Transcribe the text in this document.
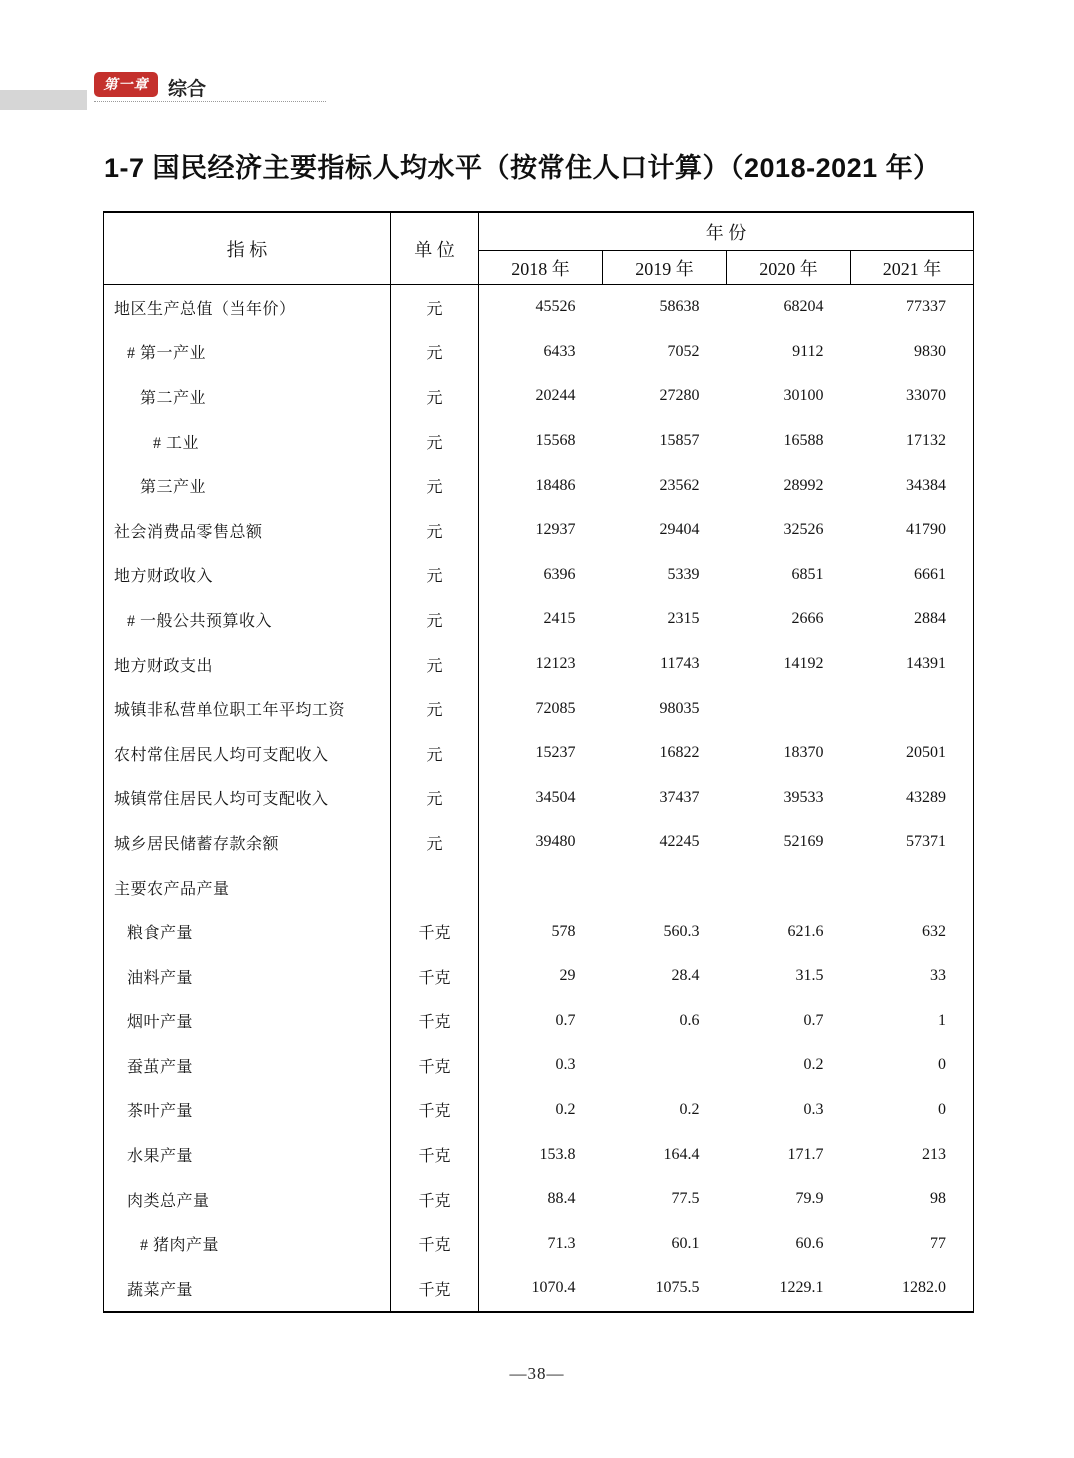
第一章	综合
1-7 国民经济主要指标人均水平（按常住人口计算）（2018-2021 年）
指 标	单 位	年 份			
		2018 年	2019 年	2020 年	2021 年
地区生产总值（当年价）	元	45526	58638	68204	77337
# 第一产业	元	6433	7052	9112	9830
第二产业	元	20244	27280	30100	33070
# 工业	元	15568	15857	16588	17132
第三产业	元	18486	23562	28992	34384
社会消费品零售总额	元	12937	29404	32526	41790
地方财政收入	元	6396	5339	6851	6661
# 一般公共预算收入	元	2415	2315	2666	2884
地方财政支出	元	12123	11743	14192	14391
城镇非私营单位职工年平均工资	元	72085	98035		
农村常住居民人均可支配收入	元	15237	16822	18370	20501
城镇常住居民人均可支配收入	元	34504	37437	39533	43289
城乡居民储蓄存款余额	元	39480	42245	52169	57371
主要农产品产量					
粮食产量	千克	578	560.3	621.6	632
油料产量	千克	29	28.4	31.5	33
烟叶产量	千克	0.7	0.6	0.7	1
蚕茧产量	千克	0.3		0.2	0
茶叶产量	千克	0.2	0.2	0.3	0
水果产量	千克	153.8	164.4	171.7	213
肉类总产量	千克	88.4	77.5	79.9	98
# 猪肉产量	千克	71.3	60.1	60.6	77
蔬菜产量	千克	1070.4	1075.5	1229.1	1282.0
—38—
